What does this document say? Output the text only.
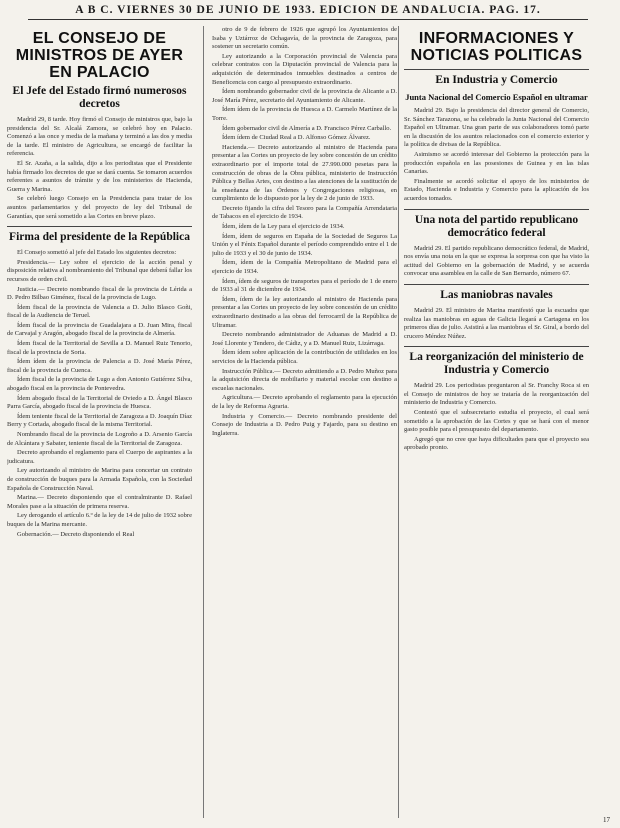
A B C. VIERNES 30 DE JUNIO DE 1933. EDICION DE ANDALUCIA. PAG. 17.
EL CONSEJO DE MINISTROS DE AYER EN PALACIO
El Jefe del Estado firmó numerosos decretos

Madrid 29, 8 tarde. Hoy firmó el Consejo de ministros que, bajo la presidencia del Sr. Alcalá Zamora, se celebró hoy en Palacio. Comenzó a las once y media de la mañana y terminó a las dos y media de la tarde. El ministro de Agricultura, se encargó de facilitar la referencia.

El Sr. Azaña, a la salida, dijo a los periodistas que el Presidente había firmado los decretos de que se dará cuenta. Se tomaron acuerdos referentes a asuntos de trámite y de los ministerios de Hacienda, Guerra y Marina.

Se celebró luego Consejo en la Presidencia para tratar de los asuntos parlamentarios y del proyecto de ley del Tribunal de Garantías, que será sometido a las Cortes en breve plazo.

Firma del presidente de la República

El Consejo sometió al jefe del Estado los siguientes decretos:

Presidencia.— Ley sobre el ejercicio de la acción penal y disposición relativa al nombramiento del Tribunal que deberá fallar los recursos de orden civil.

Justicia.— Decreto nombrando fiscal de la provincia de Lérida a D. Pedro Bilbao Giménez, fiscal de la provincia de Lugo.

Ídem fiscal de la provincia de Valencia a D. Julio Blasco Goñi, fiscal de la Audiencia de Teruel.

Ídem fiscal de la provincia de Guadalajara a D. Juan Mira, fiscal de Carvajal y Aragón, abogado fiscal de la provincia de Almería.

Ídem fiscal de la Territorial de Sevilla a D. Manuel Ruiz Tenorio, fiscal de la provincia de Soria.

Ídem ídem de la provincia de Palencia a D. José María Pérez, fiscal de la provincia de Cuenca.

Ídem fiscal de la provincia de Lugo a don Antonio Gutiérrez Silva, abogado fiscal en la provincia de Pontevedra.

Ídem abogado fiscal de la Territorial de Oviedo a D. Ángel Blasco Parra García, abogado fiscal de la provincia de Huesca.

Ídem teniente fiscal de la Territorial de Zaragoza a D. Joaquín Díaz Berry y Cortada, abogado fiscal de la misma Territorial.

Nombrando fiscal de la provincia de Logroño a D. Arsenio García de Alcántara y Sabater, teniente fiscal de la Territorial de Zaragoza.

Decreto aprobando el reglamento para el Cuerpo de aspirantes a la judicatura.

Ley autorizando al ministro de Marina para concertar un contrato de construcción de buques para la Armada Española, con la Sociedad Española de Construcción Naval.

Marina.— Decreto disponiendo que el contralmirante D. Rafael Morales pase a la situación de primera reserva.

Ley derogando el artículo 6.º de la ley de 14 de julio de 1932 sobre buques de la Marina mercante.

Gobernación.— Decreto disponiendo el Real

otro de 9 de febrero de 1926 que agrupó los Ayuntamientos de Isaba y Uztárroz de Ochagavía, de la provincia de Zaragoza, para sostener un secretario común.

Ley autorizando a la Corporación provincial de Valencia para celebrar contratos con la Diputación provincial de Valencia para la adquisición de determinados inmuebles destinados a centros de Beneficencia con cargo al presupuesto extraordinario.

Ídem nombrando gobernador civil de la provincia de Alicante a D. José María Pérez, secretario del Ayuntamiento de Alicante.

Ídem ídem de la provincia de Huesca a D. Carmelo Martínez de la Torre.

Ídem gobernador civil de Almería a D. Francisco Pérez Carballo.

Ídem ídem de Ciudad Real a D. Alfonso Gómez Álvarez.

Hacienda.— Decreto autorizando al ministro de Hacienda para presentar a las Cortes un proyecto de ley sobre concesión de un crédito extraordinario por el importe total de 27.990.000 pesetas para la construcción de obras de la Obra pública, ministerio de Instrucción Pública y Bellas Artes, con destino a las atenciones de la sustitución de la enseñanza de las Órdenes y Congregaciones religiosas, en cumplimiento de lo dispuesto por la ley de 2 de junio de 1933.

Decreto fijando la cifra del Tesoro para la Compañía Arrendataria de Tabacos en el ejercicio de 1934.

Ídem, ídem de la Ley para el ejercicio de 1934.

Ídem, ídem de seguros en España de la Sociedad de Seguros La Unión y el Fénix Español durante el período comprendido entre el 1 de julio de 1933 y el 30 de junio de 1934.

Ídem, ídem de la Compañía Metropolitano de Madrid para el ejercicio de 1934.

Ídem, ídem de seguros de transportes para el período de 1 de enero de 1933 al 31 de diciembre de 1934.

Ídem, ídem de la ley autorizando al ministro de Hacienda para presentar a las Cortes un proyecto de ley sobre concesión de un crédito extraordinario destinado a las obras del ferrocarril de la República de Ultramar.

Decreto nombrando administrador de Aduanas de Madrid a D. José Llorente y Tendero, de Cádiz, y a D. Manuel Ruiz, Lizárraga.

Ídem ídem sobre aplicación de la contribución de utilidades en los servicios de la Hacienda pública.

Instrucción Pública.— Decreto admitiendo a D. Pedro Muñoz para la adquisición directa de mobiliario y material escolar con destino a escuelas nacionales.

Agricultura.— Decreto aprobando el reglamento para la ejecución de la ley de Reforma Agraria.

Industria y Comercio.— Decreto nombrando presidente del Consejo de Industria a D. Pedro Puig y Fajardo, para su destino en Inglaterra.

INFORMACIONES Y NOTICIAS POLITICAS
En Industria y Comercio
Junta Nacional del Comercio Español en ultramar

Madrid 29. Bajo la presidencia del director general de Comercio, Sr. Sánchez Tarazona, se ha celebrado la Junta Nacional del Comercio Español en Ultramar. Una gran parte de sus colaboradores tomó parte en la discusión de los asuntos relacionados con el comercio exterior y la política de divisas de la República.

Asimismo se acordó interesar del Gobierno la protección para la producción española en las posesiones de Guinea y en las islas Canarias.

Finalmente se acordó solicitar el apoyo de los ministerios de Estado, Hacienda e Industria y Comercio para la aplicación de los acuerdos tomados.

Una nota del partido republicano democrático federal

Madrid 29. El partido republicano democrático federal, de Madrid, nos envía una nota en la que se expresa la sorpresa con que ha visto la actitud del Gobierno en la gobernación de Madrid, y se acuerda convocar una asamblea en la calle de San Bernardo, número 67.

Las maniobras navales

Madrid 29. El ministro de Marina manifestó que la escuadra que realiza las maniobras en aguas de Galicia llegará a Cartagena en los primeros días de julio. Asistirá a las maniobras el Sr. Giral, a bordo del crucero Méndez Núñez.

La reorganización del ministerio de Industria y Comercio

Madrid 29. Los periodistas preguntaron al Sr. Franchy Roca si en el Consejo de ministros de hoy se trataría de la reorganización del ministerio de Industria y Comercio.

Contestó que el subsecretario estudia el proyecto, el cual será sometido a la aprobación de las Cortes y que se hará con el menor gasto posible para el presupuesto del departamento.

Agregó que no cree que haya dificultades para que el proyecto sea aprobado pronto.

17
